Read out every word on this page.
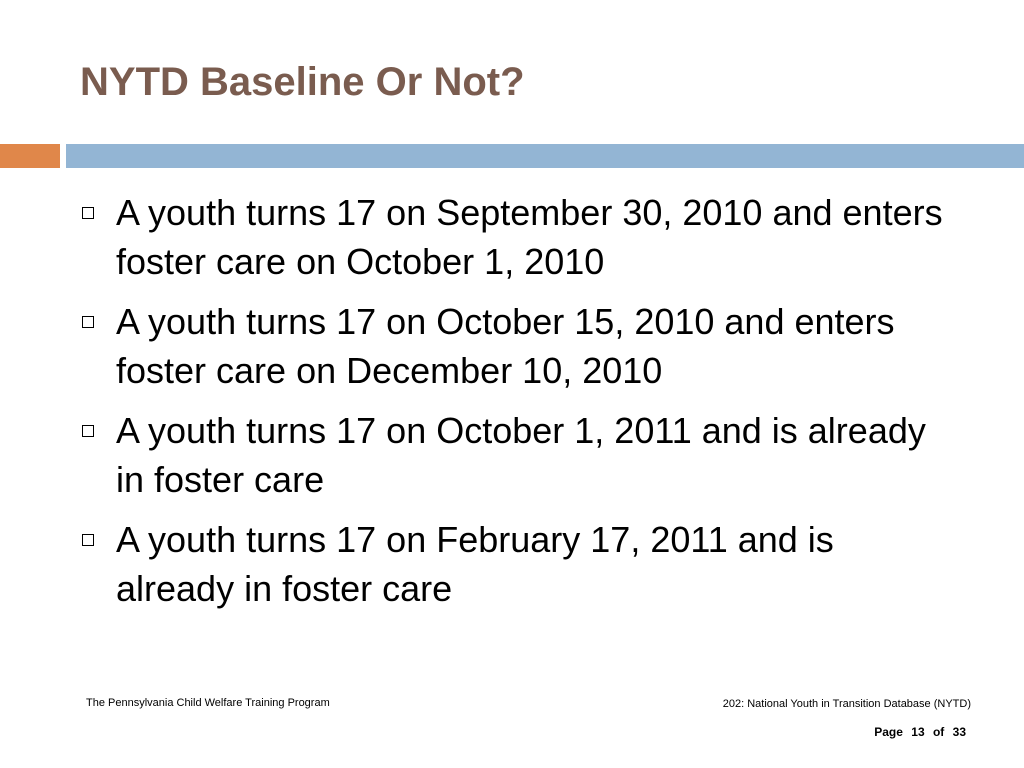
NYTD Baseline Or Not?
A youth turns 17 on September 30, 2010 and enters foster care on October 1, 2010
A youth turns 17 on October 15, 2010 and enters foster care on December 10, 2010
A youth turns 17 on October 1, 2011 and is already in foster care
A youth turns 17 on February 17, 2011 and is already in foster care
The Pennsylvania Child Welfare Training Program	202: National Youth in Transition Database (NYTD)
Page 13 of 33
